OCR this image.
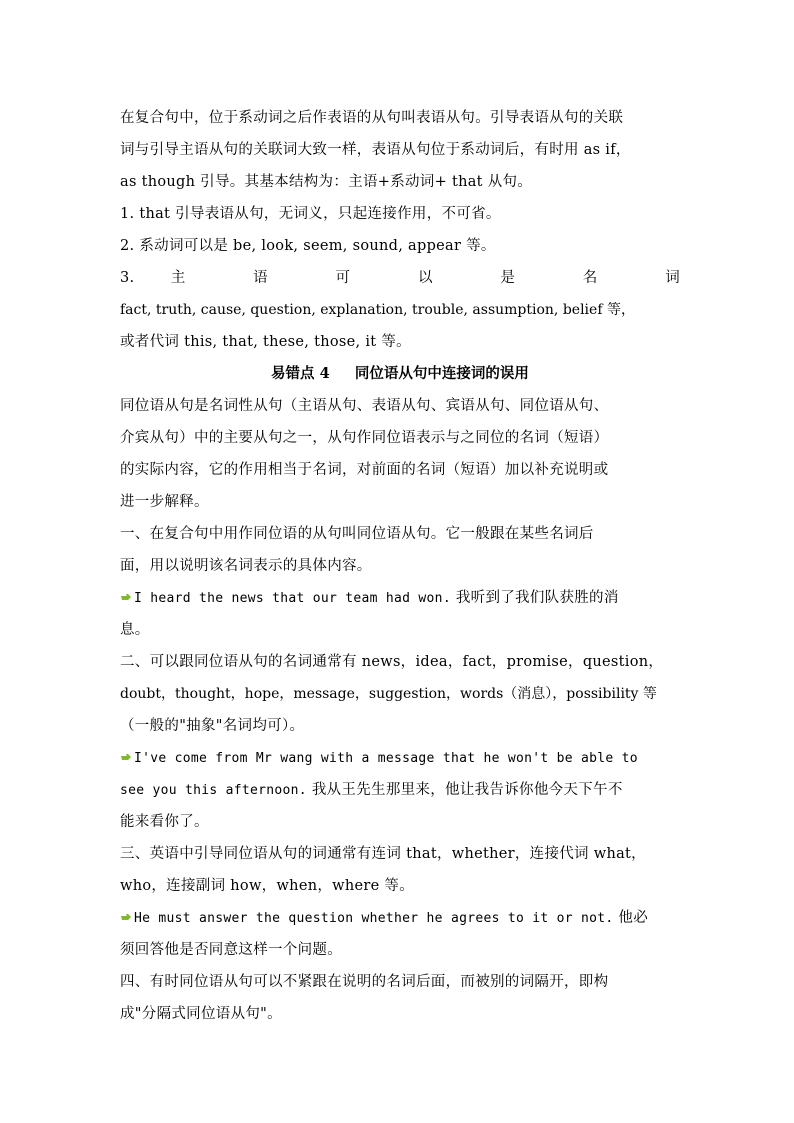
在复合句中，位于系动词之后作表语的从句叫表语从句。引导表语从句的关联
词与引导主语从句的关联词大致一样，表语从句位于系动词后，有时用 as if，
as though 引导。其基本结构为：主语+系动词+ that 从句。
1. that 引导表语从句，无词义，只起连接作用，不可省。
2. 系动词可以是 be, look, seem, sound, appear 等。
3. 主 语 可 以 是 名 词
fact, truth, cause, question, explanation, trouble, assumption, belief 等，
或者代词 this, that, these, those, it 等。
易错点 4     同位语从句中连接词的误用
同位语从句是名词性从句（主语从句、表语从句、宾语从句、同位语从句、
介宾从句）中的主要从句之一，从句作同位语表示与之同位的名词（短语）
的实际内容，它的作用相当于名词，对前面的名词（短语）加以补充说明或
进一步解释。
一、在复合句中用作同位语的从句叫同位语从句。它一般跟在某些名词后
面，用以说明该名词表示的具体内容。
I heard the news that our team had won. 我听到了我们队获胜的消
息。
二、可以跟同位语从句的名词通常有 news，idea，fact，promise，question，
doubt，thought，hope，message，suggestion，words（消息），possibility 等
（一般的"抽象"名词均可）。
I've come from Mr wang with a message that he won't be able to
see you this afternoon. 我从王先生那里来，他让我告诉你他今天下午不
能来看你了。
三、英语中引导同位语从句的词通常有连词 that，whether，连接代词 what，
who，连接副词 how，when，where 等。
He must answer the question whether he agrees to it or not. 他必
须回答他是否同意这样一个问题。
四、有时同位语从句可以不紧跟在说明的名词后面，而被别的词隔开，即构
成"分隔式同位语从句"。
